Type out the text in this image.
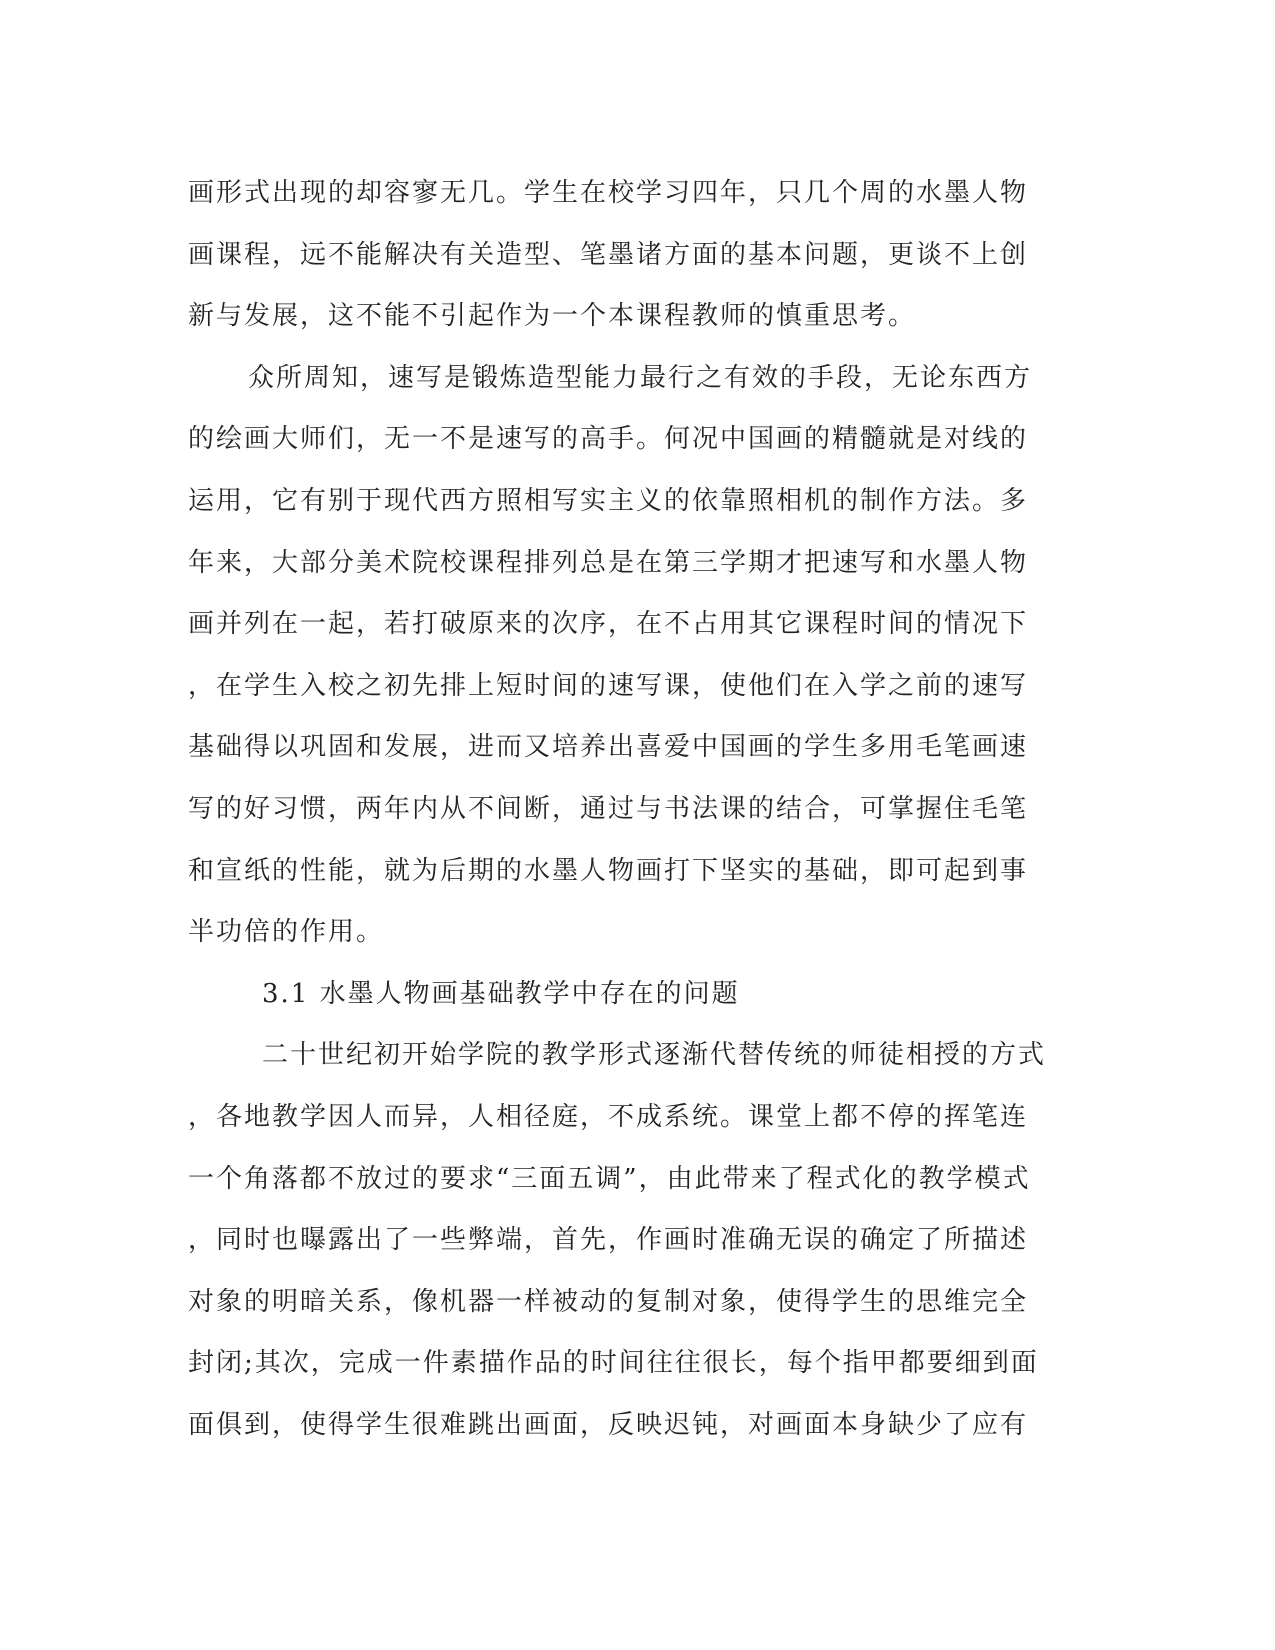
画形式出现的却容寥无几。学生在校学习四年，只几个周的水墨人物
画课程，远不能解决有关造型、笔墨诸方面的基本问题，更谈不上创
新与发展，这不能不引起作为一个本课程教师的慎重思考。
众所周知，速写是锻炼造型能力最行之有效的手段，无论东西方
的绘画大师们，无一不是速写的高手。何况中国画的精髓就是对线的
运用，它有别于现代西方照相写实主义的依靠照相机的制作方法。多
年来，大部分美术院校课程排列总是在第三学期才把速写和水墨人物
画并列在一起，若打破原来的次序，在不占用其它课程时间的情况下
，在学生入校之初先排上短时间的速写课，使他们在入学之前的速写
基础得以巩固和发展，进而又培养出喜爱中国画的学生多用毛笔画速
写的好习惯，两年内从不间断，通过与书法课的结合，可掌握住毛笔
和宣纸的性能，就为后期的水墨人物画打下坚实的基础，即可起到事
半功倍的作用。
3.1 水墨人物画基础教学中存在的问题
二十世纪初开始学院的教学形式逐渐代替传统的师徒相授的方式
，各地教学因人而异，人相径庭，不成系统。课堂上都不停的挥笔连
一个角落都不放过的要求“三面五调”，由此带来了程式化的教学模式
，同时也曝露出了一些弊端，首先，作画时准确无误的确定了所描述
对象的明暗关系，像机器一样被动的复制对象，使得学生的思维完全
封闭;其次，完成一件素描作品的时间往往很长，每个指甲都要细到面
面俱到，使得学生很难跳出画面，反映迟钝，对画面本身缺少了应有
